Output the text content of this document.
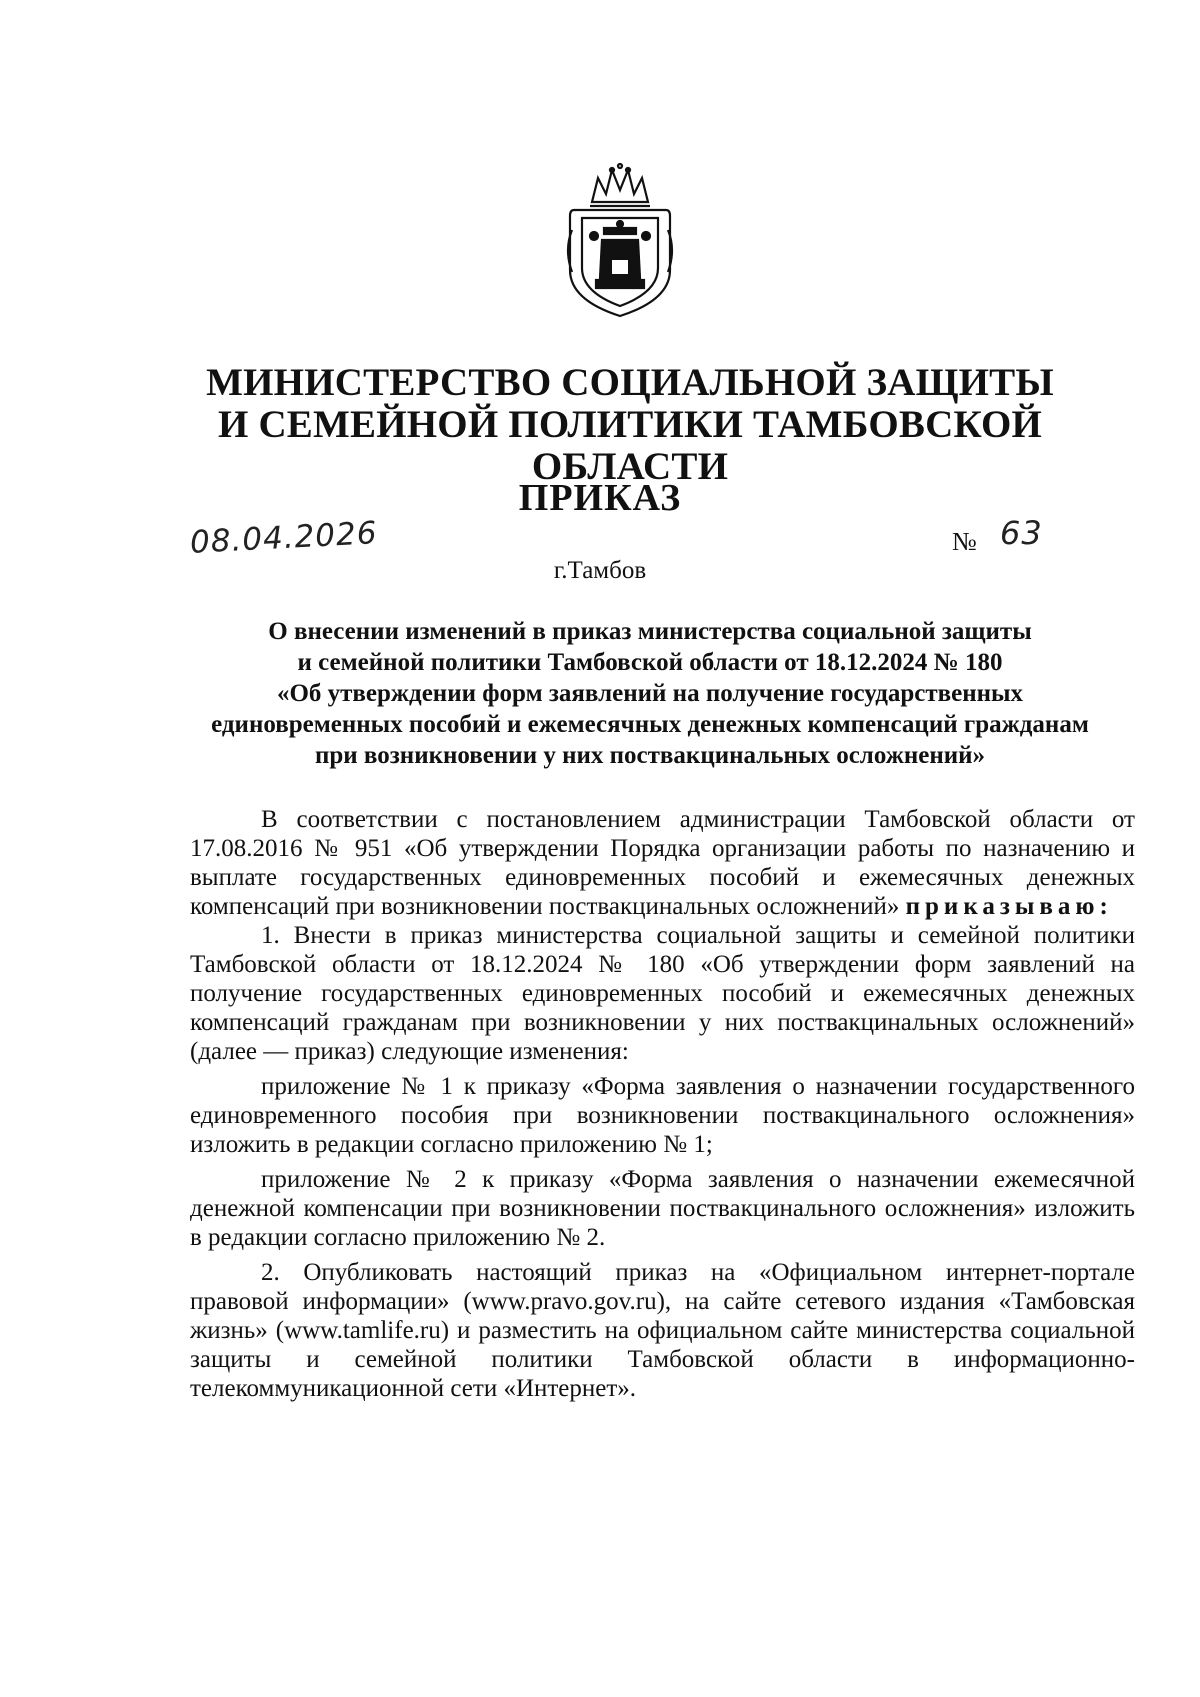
МИНИСТЕРСТВО СОЦИАЛЬНОЙ ЗАЩИТЫ
И СЕМЕЙНОЙ ПОЛИТИКИ ТАМБОВСКОЙ ОБЛАСТИ
ПРИКАЗ
08.04.2026	№ 63
г.Тамбов
О внесении изменений в приказ министерства социальной защиты
и семейной политики Тамбовской области от 18.12.2024 № 180
«Об утверждении форм заявлений на получение государственных
единовременных пособий и ежемесячных денежных компенсаций гражданам
при возникновении у них поствакцинальных осложнений»

В соответствии с постановлением администрации Тамбовской области от 17.08.2016 № 951 «Об утверждении Порядка организации работы по назначению и выплате государственных единовременных пособий и ежемесячных денежных компенсаций при возникновении поствакцинальных осложнений» приказываю:

1. Внести в приказ министерства социальной защиты и семейной политики Тамбовской области от 18.12.2024 № 180 «Об утверждении форм заявлений на получение государственных единовременных пособий и ежемесячных денежных компенсаций гражданам при возникновении у них поствакцинальных осложнений» (далее — приказ) следующие изменения:

приложение № 1 к приказу «Форма заявления о назначении государственного единовременного пособия при возникновении поствакцинального осложнения» изложить в редакции согласно приложению № 1;

приложение № 2 к приказу «Форма заявления о назначении ежемесячной денежной компенсации при возникновении поствакцинального осложнения» изложить в редакции согласно приложению № 2.

2. Опубликовать настоящий приказ на «Официальном интернет-портале правовой информации» (www.pravo.gov.ru), на сайте сетевого издания «Тамбовская жизнь» (www.tamlife.ru) и разместить на официальном сайте министерства социальной защиты и семейной политики Тамбовской области в информационно-телекоммуникационной сети «Интернет».
